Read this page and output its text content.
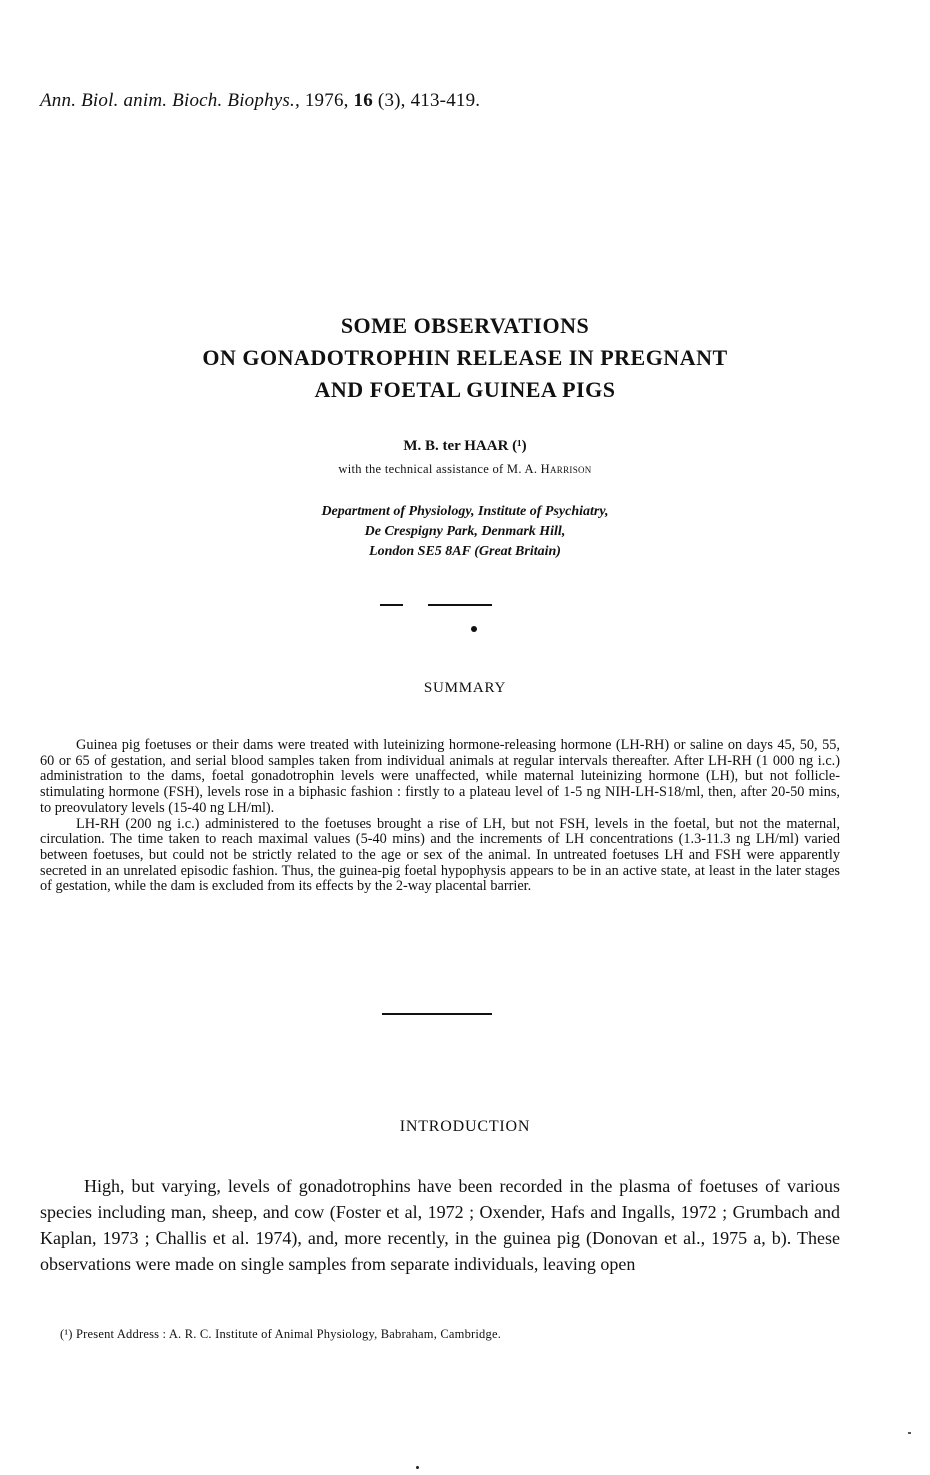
Ann. Biol. anim. Bioch. Biophys., 1976, 16 (3), 413-419.
SOME OBSERVATIONS
ON GONADOTROPHIN RELEASE IN PREGNANT
AND FOETAL GUINEA PIGS
M. B. ter HAAR (¹)
with the technical assistance of M. A. Harrison
Department of Physiology, Institute of Psychiatry,
De Crespigny Park, Denmark Hill,
London SE5 8AF (Great Britain)
SUMMARY

Guinea pig foetuses or their dams were treated with luteinizing hormone-releasing hormone (LH-RH) or saline on days 45, 50, 55, 60 or 65 of gestation, and serial blood samples taken from individual animals at regular intervals thereafter. After LH-RH (1 000 ng i.c.) administration to the dams, foetal gonadotrophin levels were unaffected, while maternal luteinizing hormone (LH), but not follicle-stimulating hormone (FSH), levels rose in a biphasic fashion : firstly to a plateau level of 1-5 ng NIH-LH-S18/ml, then, after 20-50 mins, to preovulatory levels (15-40 ng LH/ml).

LH-RH (200 ng i.c.) administered to the foetuses brought a rise of LH, but not FSH, levels in the foetal, but not the maternal, circulation. The time taken to reach maximal values (5-40 mins) and the increments of LH concentrations (1.3-11.3 ng LH/ml) varied between foetuses, but could not be strictly related to the age or sex of the animal. In untreated foetuses LH and FSH were apparently secreted in an unrelated episodic fashion. Thus, the guinea-pig foetal hypophysis appears to be in an active state, at least in the later stages of gestation, while the dam is excluded from its effects by the 2-way placental barrier.

INTRODUCTION

High, but varying, levels of gonadotrophins have been recorded in the plasma of foetuses of various species including man, sheep, and cow (Foster et al, 1972 ; Oxender, Hafs and Ingalls, 1972 ; Grumbach and Kaplan, 1973 ; Challis et al. 1974), and, more recently, in the guinea pig (Donovan et al., 1975 a, b). These observations were made on single samples from separate individuals, leaving open

(¹) Present Address : A. R. C. Institute of Animal Physiology, Babraham, Cambridge.
